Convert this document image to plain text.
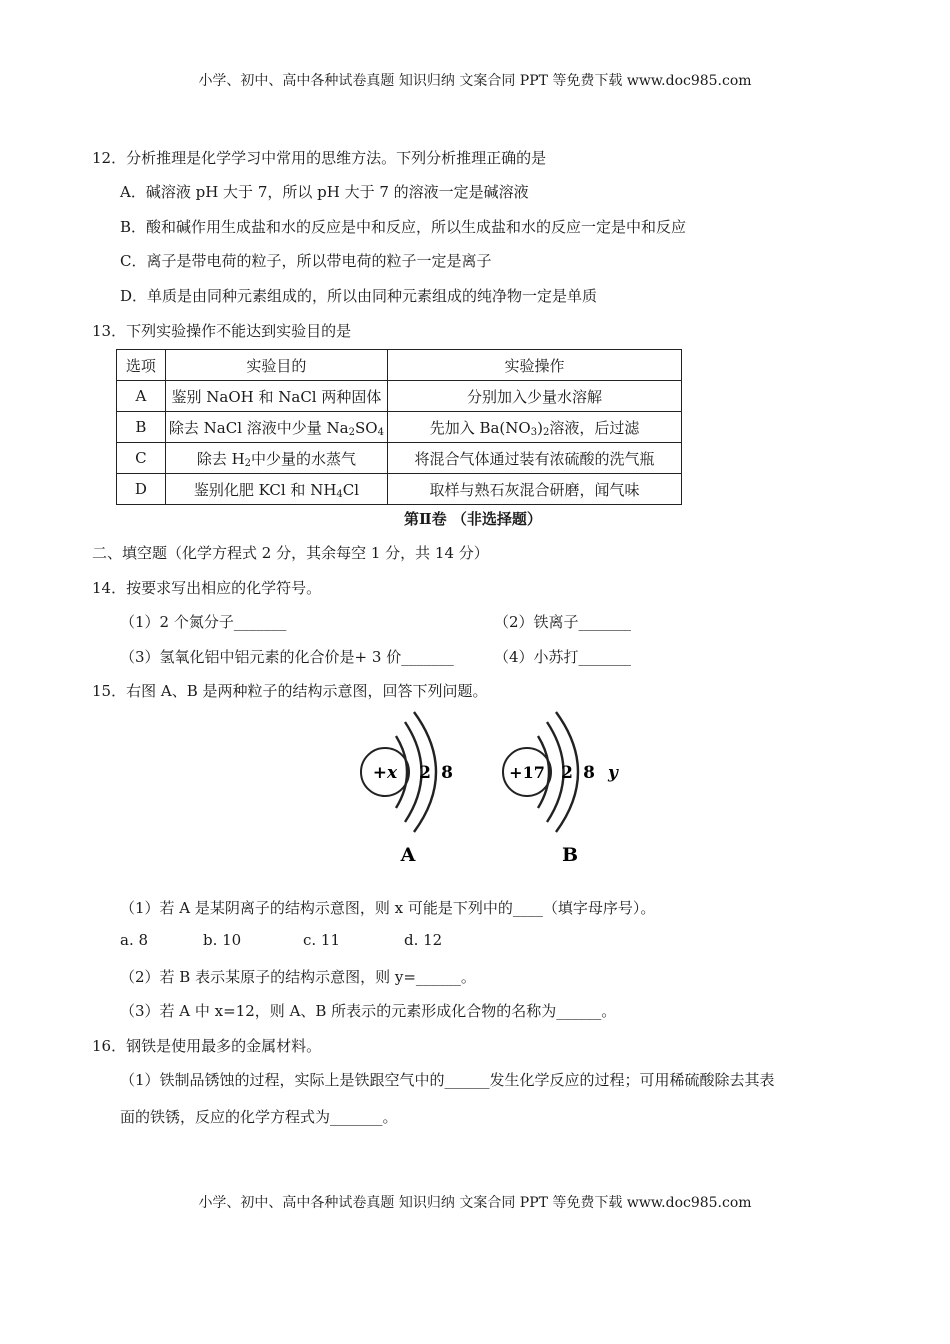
小学、初中、高中各种试卷真题 知识归纳 文案合同 PPT 等免费下载 www.doc985.com
12．分析推理是化学学习中常用的思维方法。下列分析推理正确的是
A．碱溶液 pH 大于 7，所以 pH 大于 7 的溶液一定是碱溶液
B．酸和碱作用生成盐和水的反应是中和反应，所以生成盐和水的反应一定是中和反应
C．离子是带电荷的粒子，所以带电荷的粒子一定是离子
D．单质是由同种元素组成的，所以由同种元素组成的纯净物一定是单质
13．下列实验操作不能达到实验目的是
选项	实验目的	实验操作
A	鉴别 NaOH 和 NaCl 两种固体	分别加入少量水溶解
B	除去 NaCl 溶液中少量 $Na_2SO_4$	先加入 $Ba(NO_3)_2$溶液，后过滤
C	除去 $H_2$中少量的水蒸气	将混合气体通过装有浓硫酸的洗气瓶
D	鉴别化肥 KCl 和 $NH_4Cl$	取样与熟石灰混合研磨，闻气味
第Ⅱ卷 （非选择题）
二、填空题（化学方程式 2 分，其余每空 1 分，共 14 分）
14．按要求写出相应的化学符号。
（1）2 个氮分子_______	（2）铁离子_______
（3）氢氧化铝中铝元素的化合价是+ 3 价_______	（4）小苏打_______
15．右图 A、B 是两种粒子的结构示意图，回答下列问题。
+x 2 8
A
+17 2 8 y
B
（1）若 A 是某阴离子的结构示意图，则 x 可能是下列中的____（填字母序号）。
a. 8	b. 10	c. 11	d. 12
（2）若 B 表示某原子的结构示意图，则 y=______。
（3）若 A 中 x=12，则 A、B 所表示的元素形成化合物的名称为______。
16．钢铁是使用最多的金属材料。
（1）铁制品锈蚀的过程，实际上是铁跟空气中的______发生化学反应的过程；可用稀硫酸除去其表
面的铁锈，反应的化学方程式为_______。
小学、初中、高中各种试卷真题 知识归纳 文案合同 PPT 等免费下载 www.doc985.com
